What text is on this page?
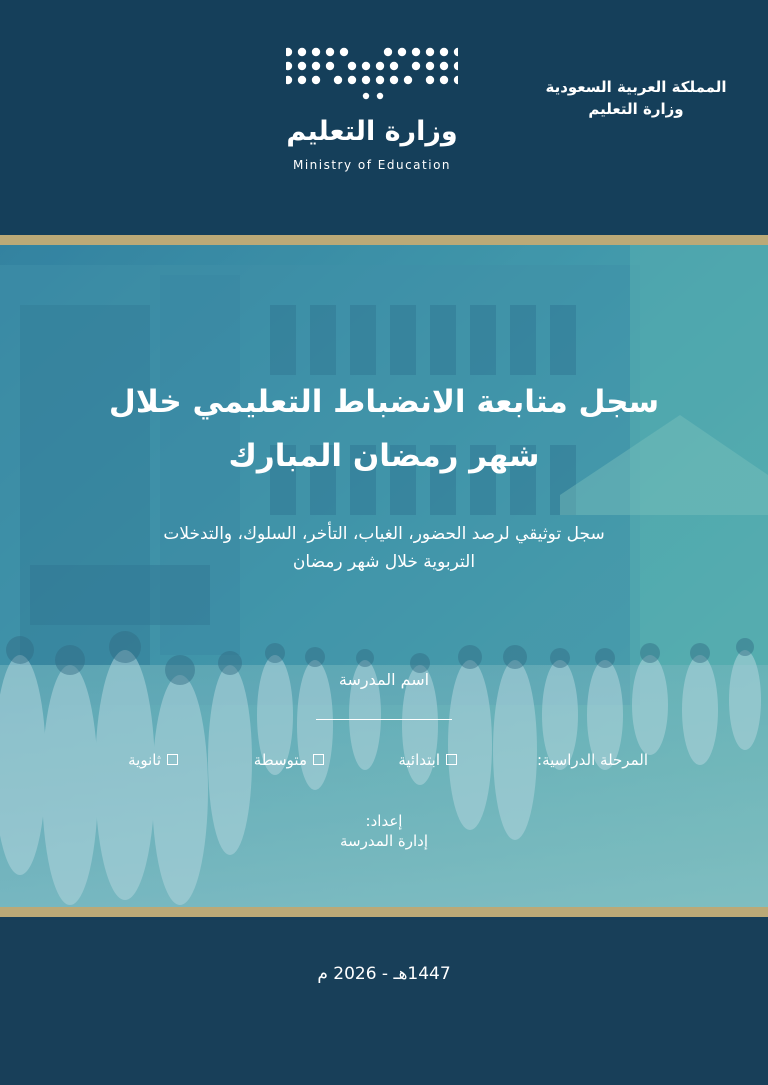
وزارة التعليم
Ministry of Education
المملكة العربية السعودية
وزارة التعليم
سجل متابعة الانضباط التعليمي خلال
شهر رمضان المبارك
سجل توثيقي لرصد الحضور، الغياب، التأخر، السلوك، والتدخلات
التربوية خلال شهر رمضان
اسم المدرسة
المرحلة الدراسية:
ابتدائية
متوسطة
ثانوية
إعداد:
إدارة المدرسة
1447هـ - 2026 م
